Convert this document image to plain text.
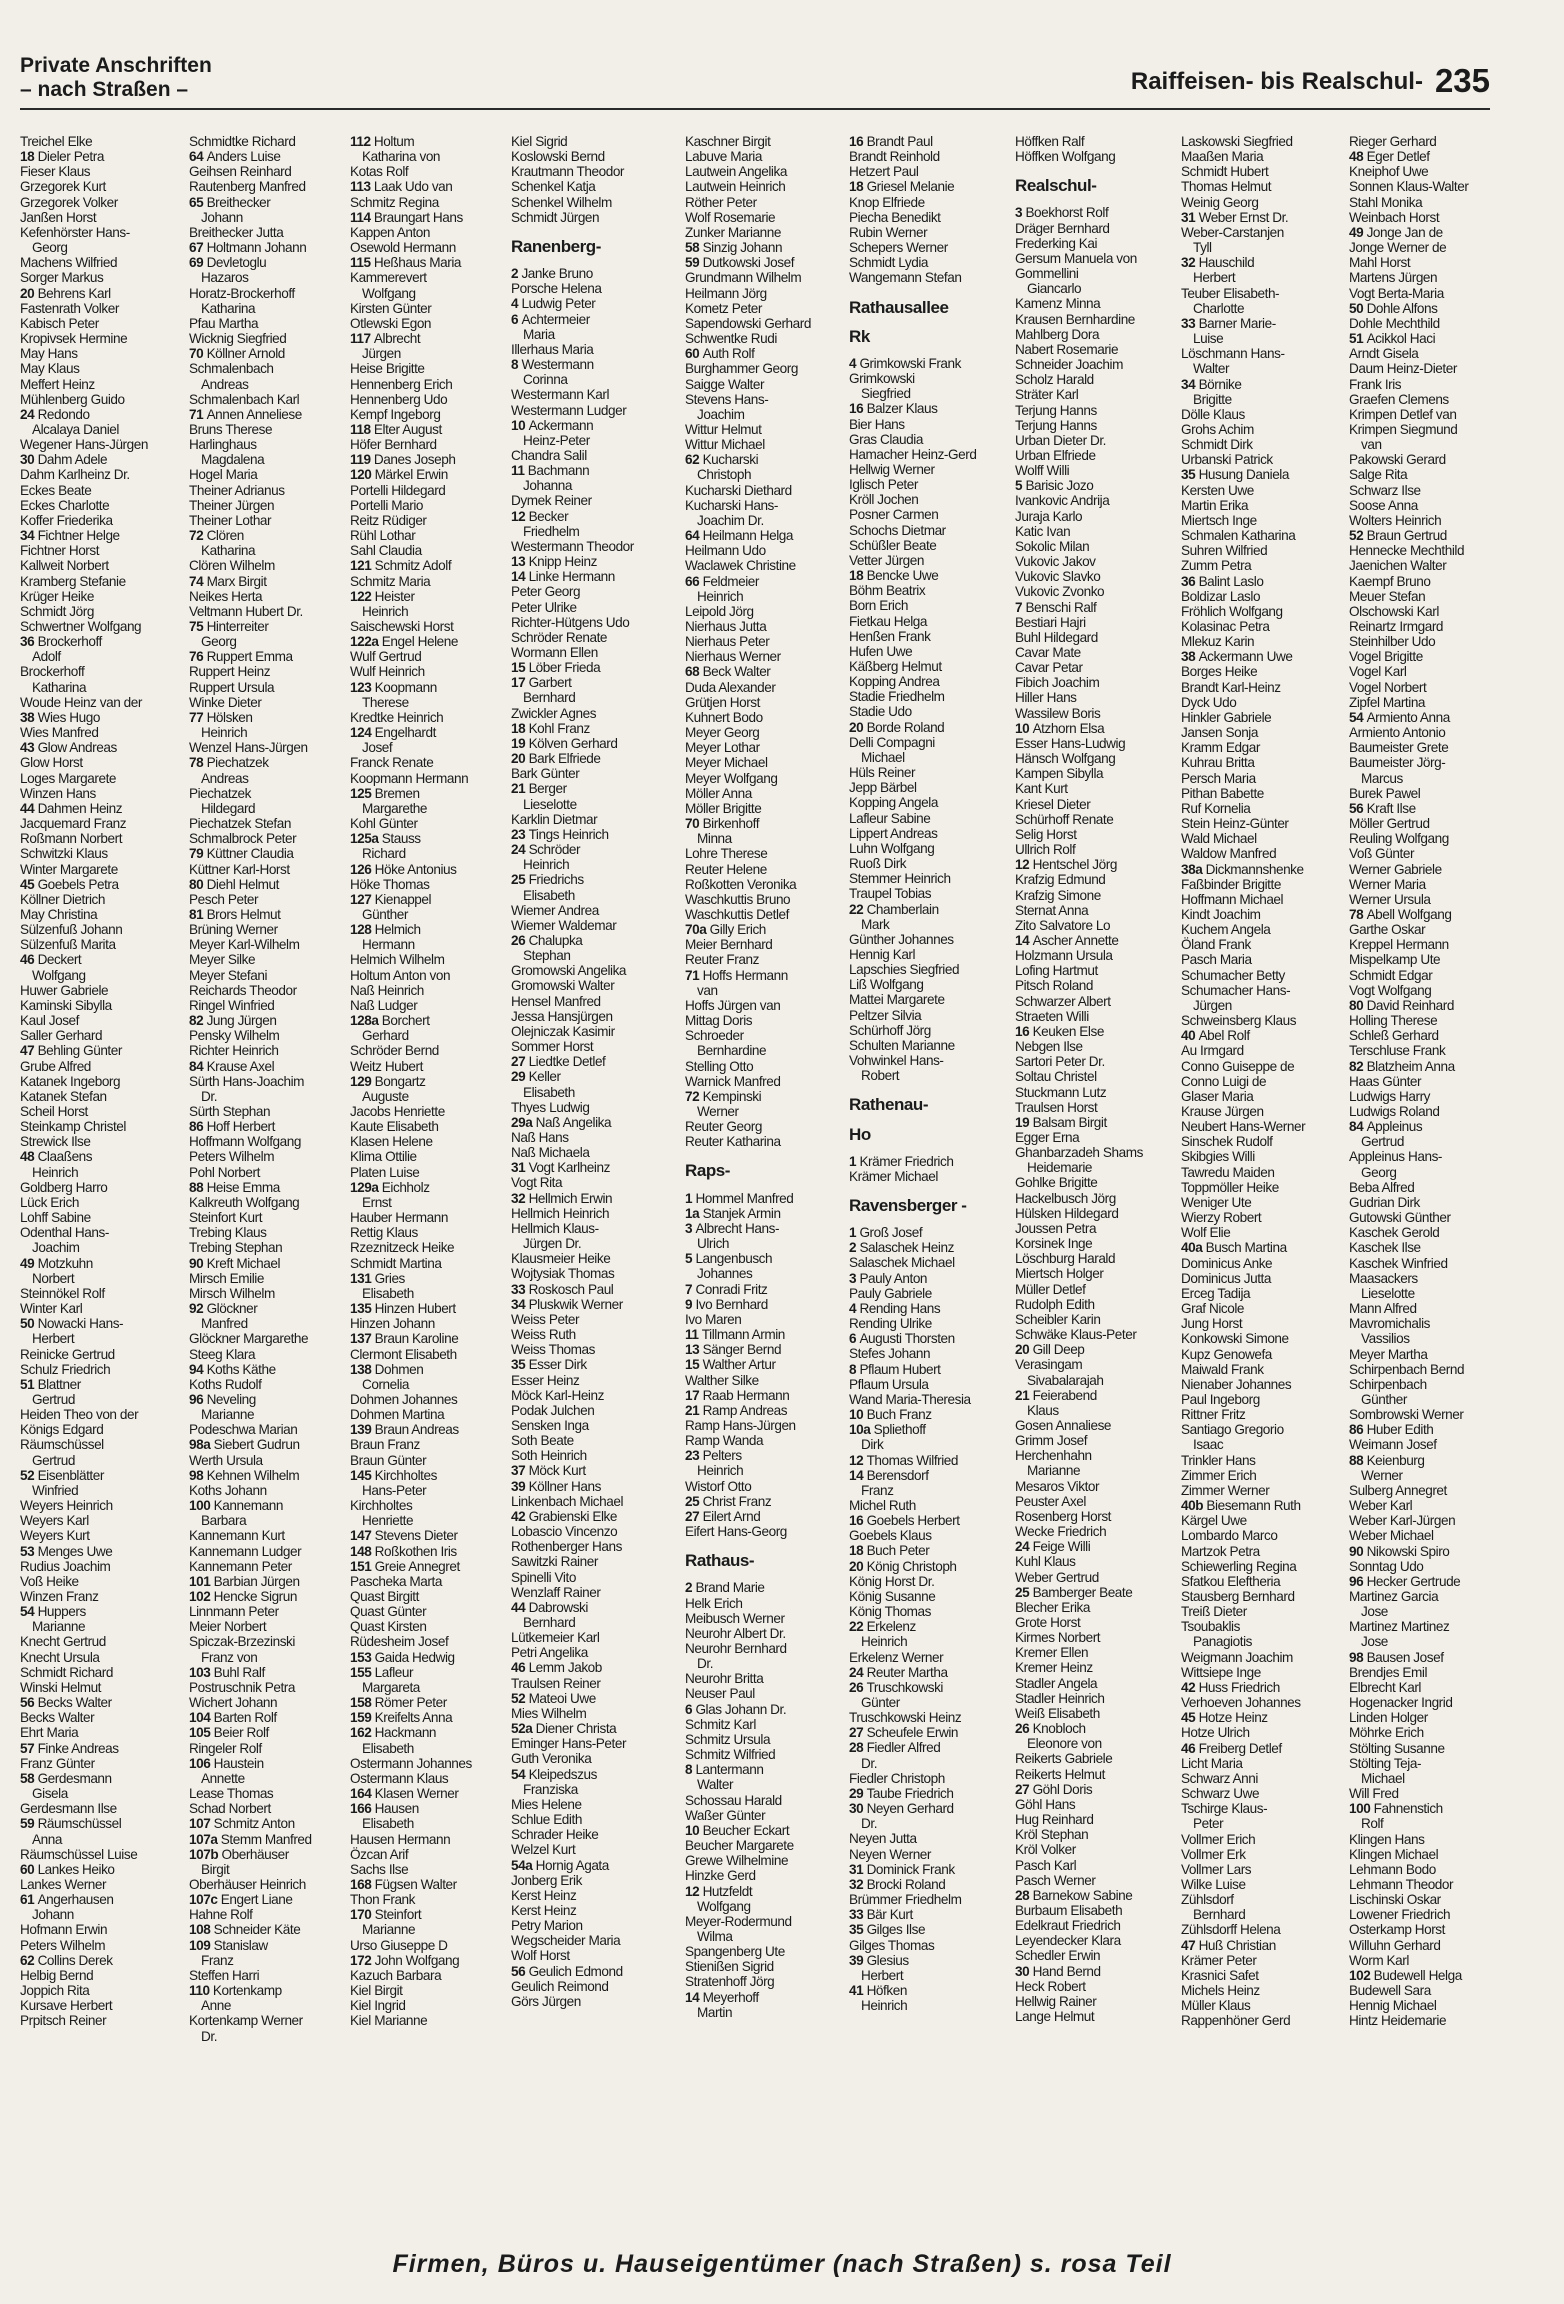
Private Anschriften
– nach Straßen –	Raiffeisen- bis Realschul- 235
Treichel Elke
18 Dieler Petra
Fieser Klaus
Grzegorek Kurt
Grzegorek Volker
Janßen Horst
Kefenhörster Hans-
Georg
Machens Wilfried
Sorger Markus
20 Behrens Karl
Fastenrath Volker
Kabisch Peter
Kropivsek Hermine
May Hans
May Klaus
Meffert Heinz
Mühlenberg Guido
24 Redondo
Alcalaya Daniel
Wegener Hans-Jürgen
30 Dahm Adele
Dahm Karlheinz Dr.
Eckes Beate
Eckes Charlotte
Koffer Friederika
34 Fichtner Helge
Fichtner Horst
Kallweit Norbert
Kramberg Stefanie
Krüger Heike
Schmidt Jörg
Schwertner Wolfgang
36 Brockerhoff
Adolf
Brockerhoff
Katharina
Woude Heinz van der
38 Wies Hugo
Wies Manfred
43 Glow Andreas
Glow Horst
Loges Margarete
Winzen Hans
44 Dahmen Heinz
Jacquemard Franz
Roßmann Norbert
Schwitzki Klaus
Winter Margarete
45 Goebels Petra
Köllner Dietrich
May Christina
Sülzenfuß Johann
Sülzenfuß Marita
46 Deckert
Wolfgang
Huwer Gabriele
Kaminski Sibylla
Kaul Josef
Saller Gerhard
47 Behling Günter
Grube Alfred
Katanek Ingeborg
Katanek Stefan
Scheil Horst
Steinkamp Christel
Strewick Ilse
48 Claaßens
Heinrich
Goldberg Harro
Lück Erich
Lohff Sabine
Odenthal Hans-
Joachim
49 Motzkuhn
Norbert
Steinnökel Rolf
Winter Karl
50 Nowacki Hans-
Herbert
Reinicke Gertrud
Schulz Friedrich
51 Blattner
Gertrud
Heiden Theo von der
Königs Edgard
Räumschüssel
Gertrud
52 Eisenblätter
Winfried
Weyers Heinrich
Weyers Karl
Weyers Kurt
53 Menges Uwe
Rudius Joachim
Voß Heike
Winzen Franz
54 Huppers
Marianne
Knecht Gertrud
Knecht Ursula
Schmidt Richard
Winski Helmut
56 Becks Walter
Becks Walter
Ehrt Maria
57 Finke Andreas
Franz Günter
58 Gerdesmann
Gisela
Gerdesmann Ilse
59 Räumschüssel
Anna
Räumschüssel Luise
60 Lankes Heiko
Lankes Werner
61 Angerhausen
Johann
Hofmann Erwin
Peters Wilhelm
62 Collins Derek
Helbig Bernd
Joppich Rita
Kursave Herbert
Prpitsch Reiner
Schmidtke Richard
64 Anders Luise
Geihsen Reinhard
Rautenberg Manfred
65 Breithecker
Johann
Breithecker Jutta
67 Holtmann Johann
69 Devletoglu
Hazaros
Horatz-Brockerhoff
Katharina
Pfau Martha
Wicknig Siegfried
70 Köllner Arnold
Schmalenbach
Andreas
Schmalenbach Karl
71 Annen Anneliese
Bruns Therese
Harlinghaus
Magdalena
Hogel Maria
Theiner Adrianus
Theiner Jürgen
Theiner Lothar
72 Clören
Katharina
Clören Wilhelm
74 Marx Birgit
Neikes Herta
Veltmann Hubert Dr.
75 Hinterreiter
Georg
76 Ruppert Emma
Ruppert Heinz
Ruppert Ursula
Winke Dieter
77 Hölsken
Heinrich
Wenzel Hans-Jürgen
78 Piechatzek
Andreas
Piechatzek
Hildegard
Piechatzek Stefan
Schmalbrock Peter
79 Küttner Claudia
Küttner Karl-Horst
80 Diehl Helmut
Pesch Peter
81 Brors Helmut
Brüning Werner
Meyer Karl-Wilhelm
Meyer Silke
Meyer Stefani
Reichards Theodor
Ringel Winfried
82 Jung Jürgen
Pensky Wilhelm
Richter Heinrich
84 Krause Axel
Sürth Hans-Joachim
Dr.
Sürth Stephan
86 Hoff Herbert
Hoffmann Wolfgang
Peters Wilhelm
Pohl Norbert
88 Heise Emma
Kalkreuth Wolfgang
Steinfort Kurt
Trebing Klaus
Trebing Stephan
90 Kreft Michael
Mirsch Emilie
Mirsch Wilhelm
92 Glöckner
Manfred
Glöckner Margarethe
Steeg Klara
94 Koths Käthe
Koths Rudolf
96 Neveling
Marianne
Podeschwa Marian
98a Siebert Gudrun
Werth Ursula
98 Kehnen Wilhelm
Koths Johann
100 Kannemann
Barbara
Kannemann Kurt
Kannemann Ludger
Kannemann Peter
101 Barbian Jürgen
102 Hencke Sigrun
Linnmann Peter
Meier Norbert
Spiczak-Brzezinski
Franz von
103 Buhl Ralf
Postruschnik Petra
Wichert Johann
104 Barten Rolf
105 Beier Rolf
Ringeler Rolf
106 Haustein
Annette
Lease Thomas
Schad Norbert
107 Schmitz Anton
107a Stemm Manfred
107b Oberhäuser
Birgit
Oberhäuser Heinrich
107c Engert Liane
Hahne Rolf
108 Schneider Käte
109 Stanislaw
Franz
Steffen Harri
110 Kortenkamp
Anne
Kortenkamp Werner
Dr.
112 Holtum
Katharina von
Kotas Rolf
113 Laak Udo van
Schmitz Regina
114 Braungart Hans
Kappen Anton
Osewold Hermann
115 Heßhaus Maria
Kammerevert
Wolfgang
Kirsten Günter
Otlewski Egon
117 Albrecht
Jürgen
Heise Brigitte
Hennenberg Erich
Hennenberg Udo
Kempf Ingeborg
118 Elter August
Höfer Bernhard
119 Danes Joseph
120 Märkel Erwin
Portelli Hildegard
Portelli Mario
Reitz Rüdiger
Rühl Lothar
Sahl Claudia
121 Schmitz Adolf
Schmitz Maria
122 Heister
Heinrich
Saischewski Horst
122a Engel Helene
Wulf Gertrud
Wulf Heinrich
123 Koopmann
Therese
Kredtke Heinrich
124 Engelhardt
Josef
Franck Renate
Koopmann Hermann
125 Bremen
Margarethe
Kohl Günter
125a Stauss
Richard
126 Höke Antonius
Höke Thomas
127 Kienappel
Günther
128 Helmich
Hermann
Helmich Wilhelm
Holtum Anton von
Naß Heinrich
Naß Ludger
128a Borchert
Gerhard
Schröder Bernd
Weitz Hubert
129 Bongartz
Auguste
Jacobs Henriette
Kaute Elisabeth
Klasen Helene
Klima Ottilie
Platen Luise
129a Eichholz
Ernst
Hauber Hermann
Rettig Klaus
Rzeznitzeck Heike
Schmidt Martina
131 Gries
Elisabeth
135 Hinzen Hubert
Hinzen Johann
137 Braun Karoline
Clermont Elisabeth
138 Dohmen
Cornelia
Dohmen Johannes
Dohmen Martina
139 Braun Andreas
Braun Franz
Braun Günter
145 Kirchholtes
Hans-Peter
Kirchholtes
Henriette
147 Stevens Dieter
148 Roßkothen Iris
151 Greie Annegret
Pascheka Marta
Quast Birgitt
Quast Günter
Quast Kirsten
Rüdesheim Josef
153 Gaida Hedwig
155 Lafleur
Margareta
158 Römer Peter
159 Kreifelts Anna
162 Hackmann
Elisabeth
Ostermann Johannes
Ostermann Klaus
164 Klasen Werner
166 Hausen
Elisabeth
Hausen Hermann
Özcan Arif
Sachs Ilse
168 Fügsen Walter
Thon Frank
170 Steinfort
Marianne
Urso Giuseppe D
172 John Wolfgang
Kazuch Barbara
Kiel Birgit
Kiel Ingrid
Kiel Marianne
Kiel Sigrid
Koslowski Bernd
Krautmann Theodor
Schenkel Katja
Schenkel Wilhelm
Schmidt Jürgen
Ranenberg-
2 Janke Bruno
Porsche Helena
4 Ludwig Peter
6 Achtermeier
Maria
Illerhaus Maria
8 Westermann
Corinna
Westermann Karl
Westermann Ludger
10 Ackermann
Heinz-Peter
Chandra Salil
11 Bachmann
Johanna
Dymek Reiner
12 Becker
Friedhelm
Westermann Theodor
13 Knipp Heinz
14 Linke Hermann
Peter Georg
Peter Ulrike
Richter-Hütgens Udo
Schröder Renate
Wormann Ellen
15 Löber Frieda
17 Garbert
Bernhard
Zwickler Agnes
18 Kohl Franz
19 Kölven Gerhard
20 Bark Elfriede
Bark Günter
21 Berger
Lieselotte
Karklin Dietmar
23 Tings Heinrich
24 Schröder
Heinrich
25 Friedrichs
Elisabeth
Wiemer Andrea
Wiemer Waldemar
26 Chalupka
Stephan
Gromowski Angelika
Gromowski Walter
Hensel Manfred
Jessa Hansjürgen
Olejniczak Kasimir
Sommer Horst
27 Liedtke Detlef
29 Keller
Elisabeth
Thyes Ludwig
29a Naß Angelika
Naß Hans
Naß Michaela
31 Vogt Karlheinz
Vogt Rita
32 Hellmich Erwin
Hellmich Heinrich
Hellmich Klaus-
Jürgen Dr.
Klausmeier Heike
Wojtysiak Thomas
33 Roskosch Paul
34 Pluskwik Werner
Weiss Peter
Weiss Ruth
Weiss Thomas
35 Esser Dirk
Esser Heinz
Möck Karl-Heinz
Podak Julchen
Sensken Inga
Soth Beate
Soth Heinrich
37 Möck Kurt
39 Köllner Hans
Linkenbach Michael
42 Grabienski Elke
Lobascio Vincenzo
Rothenberger Hans
Sawitzki Rainer
Spinelli Vito
Wenzlaff Rainer
44 Dabrowski
Bernhard
Lütkemeier Karl
Petri Angelika
46 Lemm Jakob
Traulsen Reiner
52 Mateoi Uwe
Mies Wilhelm
52a Diener Christa
Eminger Hans-Peter
Guth Veronika
54 Kleipedszus
Franziska
Mies Helene
Schlue Edith
Schrader Heike
Welzel Kurt
54a Hornig Agata
Jonberg Erik
Kerst Heinz
Kerst Heinz
Petry Marion
Wegscheider Maria
Wolf Horst
56 Geulich Edmond
Geulich Reimond
Görs Jürgen
Kaschner Birgit
Labuve Maria
Lautwein Angelika
Lautwein Heinrich
Röther Peter
Wolf Rosemarie
Zunker Marianne
58 Sinzig Johann
59 Dutkowski Josef
Grundmann Wilhelm
Heilmann Jörg
Kometz Peter
Sapendowski Gerhard
Schwentke Rudi
60 Auth Rolf
Burghammer Georg
Saigge Walter
Stevens Hans-
Joachim
Wittur Helmut
Wittur Michael
62 Kucharski
Christoph
Kucharski Diethard
Kucharski Hans-
Joachim Dr.
64 Heilmann Helga
Heilmann Udo
Waclawek Christine
66 Feldmeier
Heinrich
Leipold Jörg
Nierhaus Jutta
Nierhaus Peter
Nierhaus Werner
68 Beck Walter
Duda Alexander
Grütjen Horst
Kuhnert Bodo
Meyer Georg
Meyer Lothar
Meyer Michael
Meyer Wolfgang
Möller Anna
Möller Brigitte
70 Birkenhoff
Minna
Lohre Therese
Reuter Helene
Roßkotten Veronika
Waschkuttis Bruno
Waschkuttis Detlef
70a Gilly Erich
Meier Bernhard
Reuter Franz
71 Hoffs Hermann
van
Hoffs Jürgen van
Mittag Doris
Schroeder
Bernhardine
Stelling Otto
Warnick Manfred
72 Kempinski
Werner
Reuter Georg
Reuter Katharina
Raps-
1 Hommel Manfred
1a Stanjek Armin
3 Albrecht Hans-
Ulrich
5 Langenbusch
Johannes
7 Conradi Fritz
9 Ivo Bernhard
Ivo Maren
11 Tillmann Armin
13 Sänger Bernd
15 Walther Artur
Walther Silke
17 Raab Hermann
21 Ramp Andreas
Ramp Hans-Jürgen
Ramp Wanda
23 Pelters
Heinrich
Wistorf Otto
25 Christ Franz
27 Eilert Arnd
Eifert Hans-Georg
Rathaus-
2 Brand Marie
Helk Erich
Meibusch Werner
Neurohr Albert Dr.
Neurohr Bernhard
Dr.
Neurohr Britta
Neuser Paul
6 Glas Johann Dr.
Schmitz Karl
Schmitz Ursula
Schmitz Wilfried
8 Lantermann
Walter
Schossau Harald
Waßer Günter
10 Beucher Eckart
Beucher Margarete
Grewe Wilhelmine
Hinzke Gerd
12 Hutzfeldt
Wolfgang
Meyer-Rodermund
Wilma
Spangenberg Ute
Stienißen Sigrid
Stratenhoff Jörg
14 Meyerhoff
Martin
16 Brandt Paul
Brandt Reinhold
Hetzert Paul
18 Griesel Melanie
Knop Elfriede
Piecha Benedikt
Rubin Werner
Schepers Werner
Schmidt Lydia
Wangemann Stefan
Rathausallee
Rk
4 Grimkowski Frank
Grimkowski
Siegfried
16 Balzer Klaus
Bier Hans
Gras Claudia
Hamacher Heinz-Gerd
Hellwig Werner
Iglisch Peter
Kröll Jochen
Posner Carmen
Schochs Dietmar
Schüßler Beate
Vetter Jürgen
18 Bencke Uwe
Böhm Beatrix
Born Erich
Fietkau Helga
Henßen Frank
Hufen Uwe
Käßberg Helmut
Kopping Andrea
Stadie Friedhelm
Stadie Udo
20 Borde Roland
Delli Compagni
Michael
Hüls Reiner
Jepp Bärbel
Kopping Angela
Lafleur Sabine
Lippert Andreas
Luhn Wolfgang
Ruoß Dirk
Stemmer Heinrich
Traupel Tobias
22 Chamberlain
Mark
Günther Johannes
Hennig Karl
Lapschies Siegfried
Liß Wolfgang
Mattei Margarete
Peltzer Silvia
Schürhoff Jörg
Schulten Marianne
Vohwinkel Hans-
Robert
Rathenau-
Ho
1 Krämer Friedrich
Krämer Michael
Ravensberger -
1 Groß Josef
2 Salaschek Heinz
Salaschek Michael
3 Pauly Anton
Pauly Gabriele
4 Rending Hans
Rending Ulrike
6 Augusti Thorsten
Stefes Johann
8 Pflaum Hubert
Pflaum Ursula
Wand Maria-Theresia
10 Buch Franz
10a Spliethoff
Dirk
12 Thomas Wilfried
14 Berensdorf
Franz
Michel Ruth
16 Goebels Herbert
Goebels Klaus
18 Buch Peter
20 König Christoph
König Horst Dr.
König Susanne
König Thomas
22 Erkelenz
Heinrich
Erkelenz Werner
24 Reuter Martha
26 Truschkowski
Günter
Truschkowski Heinz
27 Scheufele Erwin
28 Fiedler Alfred
Dr.
Fiedler Christoph
29 Taube Friedrich
30 Neyen Gerhard
Dr.
Neyen Jutta
Neyen Werner
31 Dominick Frank
32 Brocki Roland
Brümmer Friedhelm
33 Bär Kurt
35 Gilges Ilse
Gilges Thomas
39 Glesius
Herbert
41 Höfken
Heinrich
Höffken Ralf
Höffken Wolfgang
Realschul-
3 Boekhorst Rolf
Dräger Bernhard
Frederking Kai
Gersum Manuela von
Gommellini
Giancarlo
Kamenz Minna
Krausen Bernhardine
Mahlberg Dora
Nabert Rosemarie
Schneider Joachim
Scholz Harald
Sträter Karl
Terjung Hanns
Terjung Hanns
Urban Dieter Dr.
Urban Elfriede
Wolff Willi
5 Barisic Jozo
Ivankovic Andrija
Juraja Karlo
Katic Ivan
Sokolic Milan
Vukovic Jakov
Vukovic Slavko
Vukovic Zvonko
7 Benschi Ralf
Bestiari Hajri
Buhl Hildegard
Cavar Mate
Cavar Petar
Fibich Joachim
Hiller Hans
Wassilew Boris
10 Atzhorn Elsa
Esser Hans-Ludwig
Hänsch Wolfgang
Kampen Sibylla
Kant Kurt
Kriesel Dieter
Schürhoff Renate
Selig Horst
Ullrich Rolf
12 Hentschel Jörg
Krafzig Edmund
Krafzig Simone
Sternat Anna
Zito Salvatore Lo
14 Ascher Annette
Holzmann Ursula
Lofing Hartmut
Pitsch Roland
Schwarzer Albert
Straeten Willi
16 Keuken Else
Nebgen Ilse
Sartori Peter Dr.
Soltau Christel
Stuckmann Lutz
Traulsen Horst
19 Balsam Birgit
Egger Erna
Ghanbarzadeh Shams
Heidemarie
Gohlke Brigitte
Hackelbusch Jörg
Hülsken Hildegard
Joussen Petra
Korsinek Inge
Löschburg Harald
Miertsch Holger
Müller Detlef
Rudolph Edith
Scheibler Karin
Schwäke Klaus-Peter
20 Gill Deep
Verasingam
Sivabalarajah
21 Feierabend
Klaus
Gosen Annaliese
Grimm Josef
Herchenhahn
Marianne
Mesaros Viktor
Peuster Axel
Rosenberg Horst
Wecke Friedrich
24 Feige Willi
Kuhl Klaus
Weber Gertrud
25 Bamberger Beate
Blecher Erika
Grote Horst
Kirmes Norbert
Kremer Ellen
Kremer Heinz
Stadler Angela
Stadler Heinrich
Weiß Elisabeth
26 Knobloch
Eleonore von
Reikerts Gabriele
Reikerts Helmut
27 Göhl Doris
Göhl Hans
Hug Reinhard
Kröl Stephan
Kröl Volker
Pasch Karl
Pasch Werner
28 Barnekow Sabine
Burbaum Elisabeth
Edelkraut Friedrich
Leyendecker Klara
Schedler Erwin
30 Hand Bernd
Heck Robert
Hellwig Rainer
Lange Helmut
Laskowski Siegfried
Maaßen Maria
Schmidt Hubert
Thomas Helmut
Weinig Georg
31 Weber Ernst Dr.
Weber-Carstanjen
Tyll
32 Hauschild
Herbert
Teuber Elisabeth-
Charlotte
33 Barner Marie-
Luise
Löschmann Hans-
Walter
34 Börnike
Brigitte
Dölle Klaus
Grohs Achim
Schmidt Dirk
Urbanski Patrick
35 Husung Daniela
Kersten Uwe
Martin Erika
Miertsch Inge
Schmalen Katharina
Suhren Wilfried
Zumm Petra
36 Balint Laslo
Boldizar Laslo
Fröhlich Wolfgang
Kolasinac Petra
Mlekuz Karin
38 Ackermann Uwe
Borges Heike
Brandt Karl-Heinz
Dyck Udo
Hinkler Gabriele
Jansen Sonja
Kramm Edgar
Kuhrau Britta
Persch Maria
Pithan Babette
Ruf Kornelia
Stein Heinz-Günter
Wald Michael
Waldow Manfred
38a Dickmannshenke
Faßbinder Brigitte
Hoffmann Michael
Kindt Joachim
Kuchem Angela
Öland Frank
Pasch Maria
Schumacher Betty
Schumacher Hans-
Jürgen
Schweinsberg Klaus
40 Abel Rolf
Au Irmgard
Conno Guiseppe de
Conno Luigi de
Glaser Maria
Krause Jürgen
Neubert Hans-Werner
Sinschek Rudolf
Skibgies Willi
Tawredu Maiden
Toppmöller Heike
Weniger Ute
Wierzy Robert
Wolf Elie
40a Busch Martina
Dominicus Anke
Dominicus Jutta
Erceg Tadija
Graf Nicole
Jung Horst
Konkowski Simone
Kupz Genowefa
Maiwald Frank
Nienaber Johannes
Paul Ingeborg
Rittner Fritz
Santiago Gregorio
Isaac
Trinkler Hans
Zimmer Erich
Zimmer Werner
40b Biesemann Ruth
Kärgel Uwe
Lombardo Marco
Martzok Petra
Schiewerling Regina
Sfatkou Eleftheria
Stausberg Bernhard
Treiß Dieter
Tsoubaklis
Panagiotis
Weigmann Joachim
Wittsiepe Inge
42 Huss Friedrich
Verhoeven Johannes
45 Hotze Heinz
Hotze Ulrich
46 Freiberg Detlef
Licht Maria
Schwarz Anni
Schwarz Uwe
Tschirge Klaus-
Peter
Vollmer Erich
Vollmer Erk
Vollmer Lars
Wilke Luise
Zühlsdorf
Bernhard
Zühlsdorff Helena
47 Huß Christian
Krämer Peter
Krasnici Safet
Michels Heinz
Müller Klaus
Rappenhöner Gerd
Rieger Gerhard
48 Eger Detlef
Kneiphof Uwe
Sonnen Klaus-Walter
Stahl Monika
Weinbach Horst
49 Jonge Jan de
Jonge Werner de
Mahl Horst
Martens Jürgen
Vogt Berta-Maria
50 Dohle Alfons
Dohle Mechthild
51 Acikkol Haci
Arndt Gisela
Daum Heinz-Dieter
Frank Iris
Graefen Clemens
Krimpen Detlef van
Krimpen Siegmund
van
Pakowski Gerard
Salge Rita
Schwarz Ilse
Soose Anna
Wolters Heinrich
52 Braun Gertrud
Hennecke Mechthild
Jaenichen Walter
Kaempf Bruno
Meuer Stefan
Olschowski Karl
Reinartz Irmgard
Steinhilber Udo
Vogel Brigitte
Vogel Karl
Vogel Norbert
Zipfel Martina
54 Armiento Anna
Armiento Antonio
Baumeister Grete
Baumeister Jörg-
Marcus
Burek Pawel
56 Kraft Ilse
Möller Gertrud
Reuling Wolfgang
Voß Günter
Werner Gabriele
Werner Maria
Werner Ursula
78 Abell Wolfgang
Garthe Oskar
Kreppel Hermann
Mispelkamp Ute
Schmidt Edgar
Vogt Wolfgang
80 David Reinhard
Holling Therese
Schleß Gerhard
Terschluse Frank
82 Blatzheim Anna
Haas Günter
Ludwigs Harry
Ludwigs Roland
84 Appleinus
Gertrud
Appleinus Hans-
Georg
Beba Alfred
Gudrian Dirk
Gutowski Günther
Kaschek Gerold
Kaschek Ilse
Kaschek Winfried
Maasackers
Lieselotte
Mann Alfred
Mavromichalis
Vassilios
Meyer Martha
Schirpenbach Bernd
Schirpenbach
Günther
Sombrowski Werner
86 Huber Edith
Weimann Josef
88 Keienburg
Werner
Sulberg Annegret
Weber Karl
Weber Karl-Jürgen
Weber Michael
90 Nikowski Spiro
Sonntag Udo
96 Hecker Gertrude
Martinez Garcia
Jose
Martinez Martinez
Jose
98 Bausen Josef
Brendjes Emil
Elbrecht Karl
Hogenacker Ingrid
Linden Holger
Möhrke Erich
Stölting Susanne
Stölting Teja-
Michael
Will Fred
100 Fahnenstich
Rolf
Klingen Hans
Klingen Michael
Lehmann Bodo
Lehmann Theodor
Lischinski Oskar
Lowener Friedrich
Osterkamp Horst
Willuhn Gerhard
Worm Karl
102 Budewell Helga
Budewell Sara
Hennig Michael
Hintz Heidemarie
Firmen, Büros u. Hauseigentümer (nach Straßen) s. rosa Teil
